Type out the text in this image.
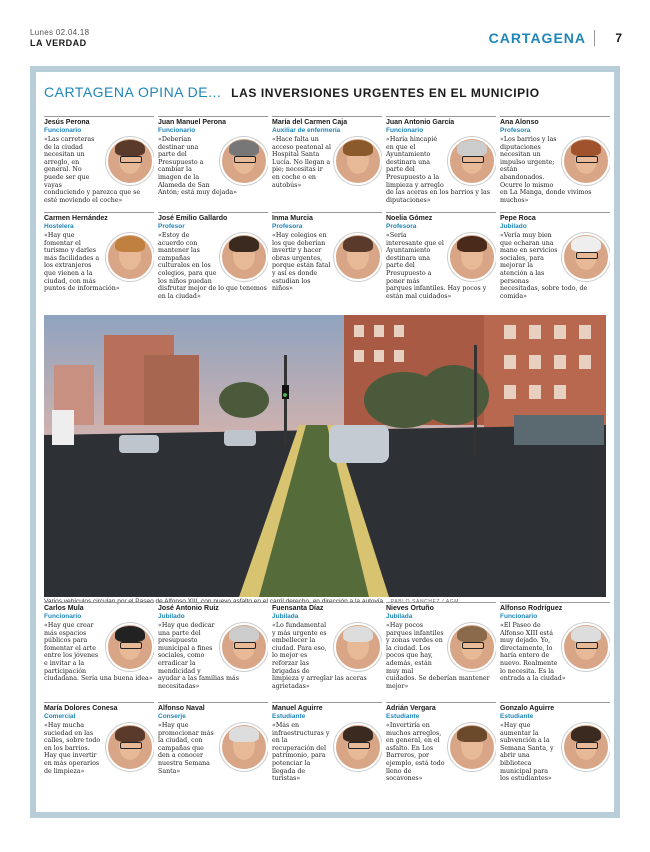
Lunes 02.04.18
LA VERDAD	CARTAGENA	7
CARTAGENA OPINA DE... LAS INVERSIONES URGENTES EN EL MUNICIPIO
Varios vehículos circulan por el Paseo de Alfonso XIII, con nuevo asfalto en el carril derecho, en dirección a la autovía. PABLO SÁNCHEZ / AGM
Jesús Perona
Funcionario
«Las carreteras de la ciudad necesitan un arreglo, en general. No puede ser que vayas conduciendo y parezca que se esté moviendo el coche»
Juan Manuel Perona
Funcionario
«Deberían destinar una parte del Presupuesto a cambiar la imagen de la Alameda de San Antón; está muy dejada»
María del Carmen Caja
Auxiliar de enfermería
«Hace falta un acceso peatonal al Hospital Santa Lucía. No llegan a pie; necesitas ir en coche o en autobús»
Juan Antonio García
Funcionario
«Haría hincapié en que el Ayuntamiento destinara una parte del Presupuesto a la limpieza y arreglo de las aceras en los barrios y las diputaciones»
Ana Alonso
Profesora
«Los barrios y las diputaciones necesitan un impulso urgente; están abandonados. Ocurre lo mismo en La Manga, donde vivimos muchos»
Carmen Hernández
Hostelera
«Hay que fomentar el turismo y darles más facilidades a los extranjeros que vienen a la ciudad, con más puntos de información»
José Emilio Gallardo
Profesor
«Estoy de acuerdo con mantener las campañas culturales en los colegios, para que los niños puedan disfrutar mejor de lo que tenemos en la ciudad»
Inma Murcia
Profesora
«Hay colegios en los que deberían invertir y hacer obras urgentes, porque están fatal y así es donde estudian los niños»
Noelia Gómez
Profesora
«Sería interesante que el Ayuntamiento destinara una parte del Presupuesto a poner más parques infantiles. Hay pocos y están mal cuidados»
Pepe Roca
Jubilado
«Vería muy bien que echaran una mano en servicios sociales, para mejorar la atención a las personas necesitadas, sobre todo, de comida»
Carlos Mula
Funcionario
«Hay que crear más espacios públicos para fomentar el arte entre los jóvenes e invitar a la participación ciudadana. Sería una buena idea»
José Antonio Ruiz
Jubilado
«Hay que dedicar una parte del presupuesto municipal a fines sociales, como erradicar la mendicidad y ayudar a las familias más necesitadas»
Fuensanta Díaz
Jubilada
«Lo fundamental y más urgente es embellecer la ciudad. Para eso, lo mejor es reforzar las brigadas de limpieza y arreglar las aceras agrietadas»
Nieves Ortuño
Jubilada
«Hay pocos parques infantiles y zonas verdes en la ciudad. Los pocos que hay, además, están muy mal cuidados. Se deberían mantener mejor»
Alfonso Rodríguez
Funcionario
«El Paseo de Alfonso XIII está muy dejado. Yo, directamente, lo haría entero de nuevo. Realmente lo necesita. Es la entrada a la ciudad»
María Dolores Conesa
Comercial
«Hay mucha suciedad en las calles, sobre todo en los barrios. Hay que invertir en más operarios de limpieza»
Alfonso Naval
Conserje
«Hay que promocionar más la ciudad, con campañas que den a conocer nuestra Semana Santa»
Manuel Aguirre
Estudiante
«Más en infraestructuras y en la recuperación del patrimonio, para potenciar la llegada de turistas»
Adrián Vergara
Estudiante
«Invertiría en muchos arreglos, en general, en el asfalto. En Los Barreros, por ejemplo, está todo lleno de socavones»
Gonzalo Aguirre
Estudiante
«Hay que aumentar la subvención a la Semana Santa, y abrir una biblioteca municipal para los estudiantes»
